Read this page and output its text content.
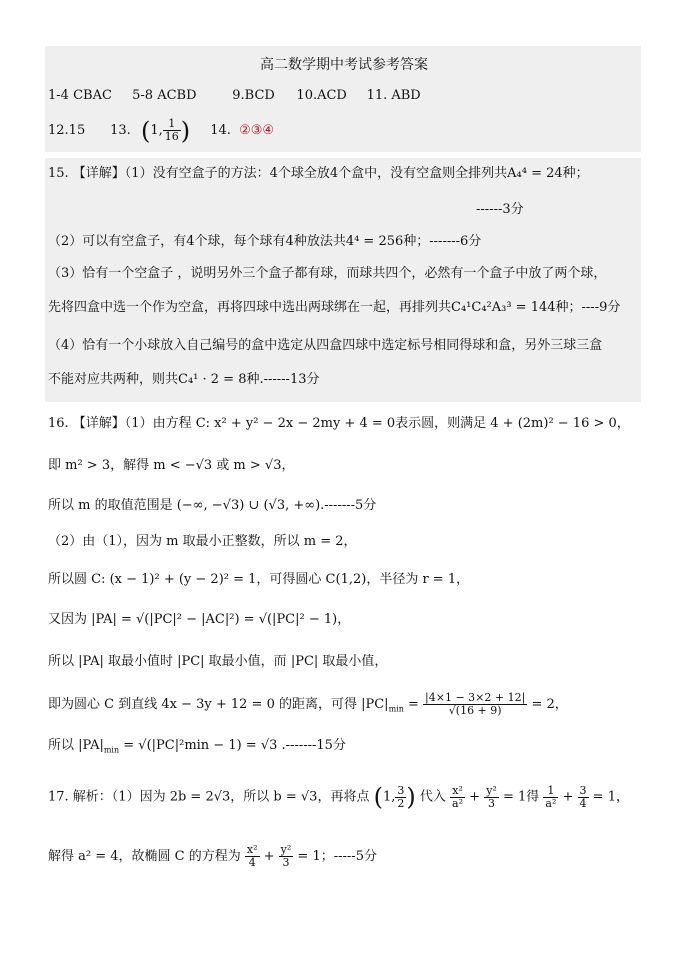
高二数学期中考试参考答案
1-4 CBAC 5-8 ACBD	9.BCD 10.ACD 11. ABD
12.15 13. (1, $\frac{1}{16}$ ) 14. ②③④
15. 【详解】（1）没有空盒子的方法：4个球全放4个盒中，没有空盒则全排列共A₄⁴ = 24种；
------3分
（2）可以有空盒子，有4个球，每个球有4种放法共4⁴ = 256种；-------6分
（3）恰有一个空盒子 ，说明另外三个盒子都有球，而球共四个，必然有一个盒子中放了两个球，
先将四盒中选一个作为空盒，再将四球中选出两球绑在一起，再排列共C₄¹C₄²A₃³ = 144种；----9分
（4）恰有一个小球放入自己编号的盒中选定从四盒四球中选定标号相同得球和盒，另外三球三盒
不能对应共两种，则共C₄¹ · 2 = 8种.------13分
16. 【详解】（1）由方程 C: x² + y² − 2x − 2my + 4 = 0表示圆，则满足 4 + (2m)² − 16 > 0，
即 m² > 3，解得 m < −√3 或 m > √3，
所以 m 的取值范围是 (−∞, −√3) ∪ (√3, +∞).-------5分
（2）由（1），因为 m 取最小正整数，所以 m = 2，
所以圆 C: (x − 1)² + (y − 2)² = 1，可得圆心 C(1,2)，半径为 r = 1，
又因为 |PA| = √(|PC|² − |AC|²) = √(|PC|² − 1)，
所以 |PA| 取最小值时 |PC| 取最小值，而 |PC| 取最小值，
即为圆心 C 到直线 4x − 3y + 12 = 0 的距离，可得 $|PC|_{min} = \frac{|4\times 1 - 3\times 2 + 12|}{√(16 + 9)} = 2$，
所以 $|PA|_{min} = √(|PC|^2\min - 1) = √3$ .-------15分
17. 解析：（1）因为 2b = 2√3，所以 b = √3，再将点 (1, $\frac{3}{2}$ ) 代入 $\frac{\text{x²}}{\text{a²}} + \frac{\text{y²}}{3} = 1$得 $\frac{1}{\text{a²}} + \frac{3}{4} = 1$，
解得 a² = 4，故椭圆 C 的方程为 $\frac{\text{x²}}{4} + \frac{\text{y²}}{3} = 1$；-----5分
